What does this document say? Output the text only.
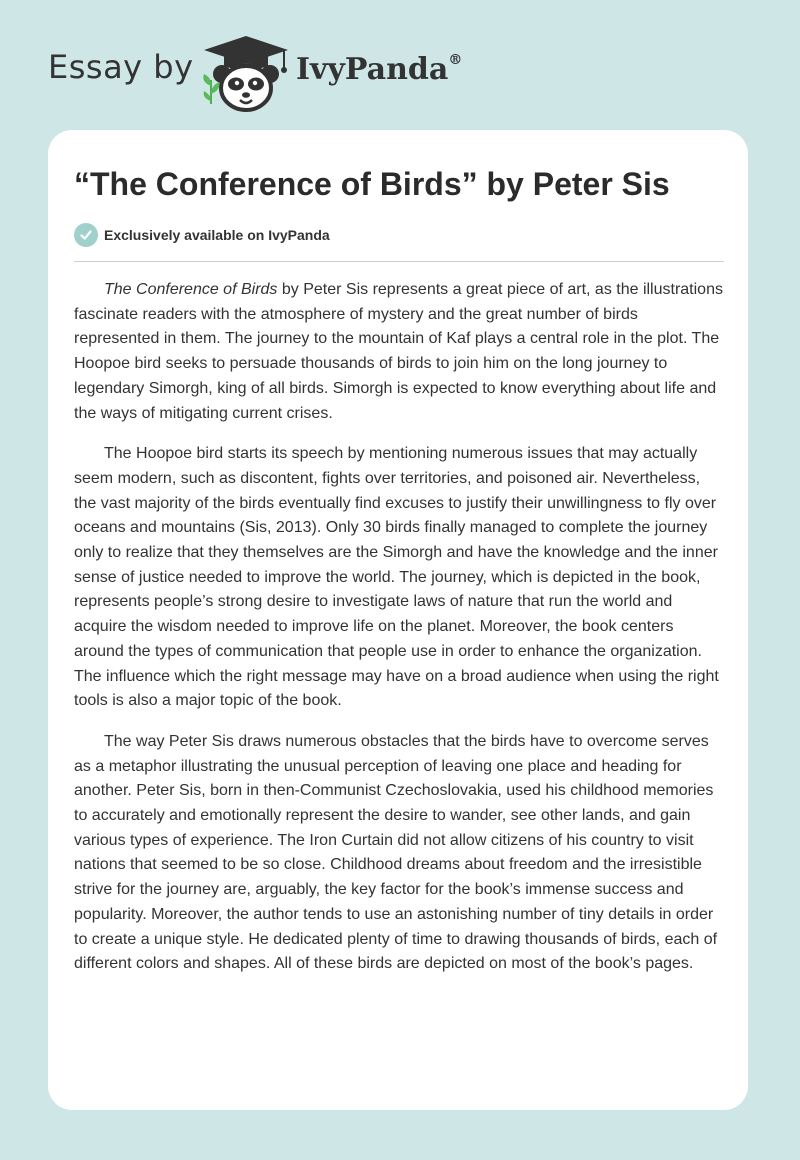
Essay by	IvyPanda®
“The Conference of Birds” by Peter Sis
Exclusively available on IvyPanda

The Conference of Birds by Peter Sis represents a great piece of art, as the illustrations fascinate readers with the atmosphere of mystery and the great number of birds represented in them. The journey to the mountain of Kaf plays a central role in the plot. The Hoopoe bird seeks to persuade thousands of birds to join him on the long journey to legendary Simorgh, king of all birds. Simorgh is expected to know everything about life and the ways of mitigating current crises.

The Hoopoe bird starts its speech by mentioning numerous issues that may actually seem modern, such as discontent, fights over territories, and poisoned air. Nevertheless, the vast majority of the birds eventually find excuses to justify their unwillingness to fly over oceans and mountains (Sis, 2013). Only 30 birds finally managed to complete the journey only to realize that they themselves are the Simorgh and have the knowledge and the inner sense of justice needed to improve the world. The journey, which is depicted in the book, represents people’s strong desire to investigate laws of nature that run the world and acquire the wisdom needed to improve life on the planet. Moreover, the book centers around the types of communication that people use in order to enhance the organization. The influence which the right message may have on a broad audience when using the right tools is also a major topic of the book.

The way Peter Sis draws numerous obstacles that the birds have to overcome serves as a metaphor illustrating the unusual perception of leaving one place and heading for another. Peter Sis, born in then-Communist Czechoslovakia, used his childhood memories to accurately and emotionally represent the desire to wander, see other lands, and gain various types of experience. The Iron Curtain did not allow citizens of his country to visit nations that seemed to be so close. Childhood dreams about freedom and the irresistible strive for the journey are, arguably, the key factor for the book’s immense success and popularity. Moreover, the author tends to use an astonishing number of tiny details in order to create a unique style. He dedicated plenty of time to drawing thousands of birds, each of different colors and shapes. All of these birds are depicted on most of the book’s pages.
